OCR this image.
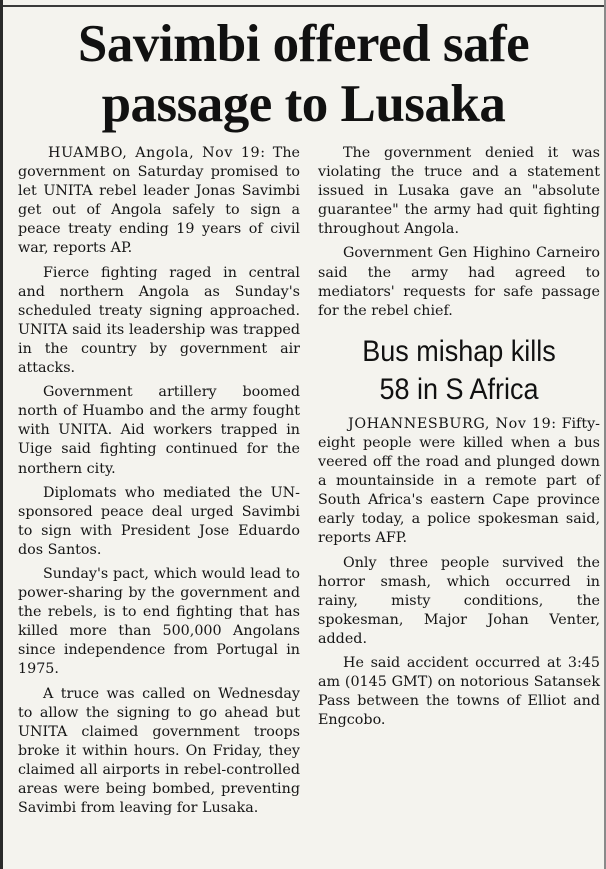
Savimbi offered safe passage to Lusaka

HUAMBO, Angola, Nov 19: The government on Saturday promised to let UNITA rebel leader Jonas Savimbi get out of Angola safely to sign a peace treaty ending 19 years of civil war, reports AP.

Fierce fighting raged in central and northern Angola as Sunday's scheduled treaty signing approached. UNITA said its leadership was trapped in the country by government air attacks.

Government artillery boomed north of Huambo and the army fought with UNITA. Aid workers trapped in Uige said fighting continued for the northern city.

Diplomats who mediated the UN-sponsored peace deal urged Savimbi to sign with President Jose Eduardo dos Santos.

Sunday's pact, which would lead to power-sharing by the government and the rebels, is to end fighting that has killed more than 500,000 Angolans since independence from Portugal in 1975.

A truce was called on Wednesday to allow the signing to go ahead but UNITA claimed government troops broke it within hours. On Friday, they claimed all airports in rebel-controlled areas were being bombed, preventing Savimbi from leaving for Lusaka.

The government denied it was violating the truce and a statement issued in Lusaka gave an "absolute guarantee" the army had quit fighting throughout Angola.

Government Gen Highino Carneiro said the army had agreed to mediators' requests for safe passage for the rebel chief.

Bus mishap kills
58 in S Africa

JOHANNESBURG, Nov 19: Fifty-eight people were killed when a bus veered off the road and plunged down a mountainside in a remote part of South Africa's eastern Cape province early today, a police spokesman said, reports AFP.

Only three people survived the horror smash, which occurred in rainy, misty conditions, the spokesman, Major Johan Venter, added.

He said accident occurred at 3:45 am (0145 GMT) on notorious Satansek Pass between the towns of Elliot and Engcobo.
